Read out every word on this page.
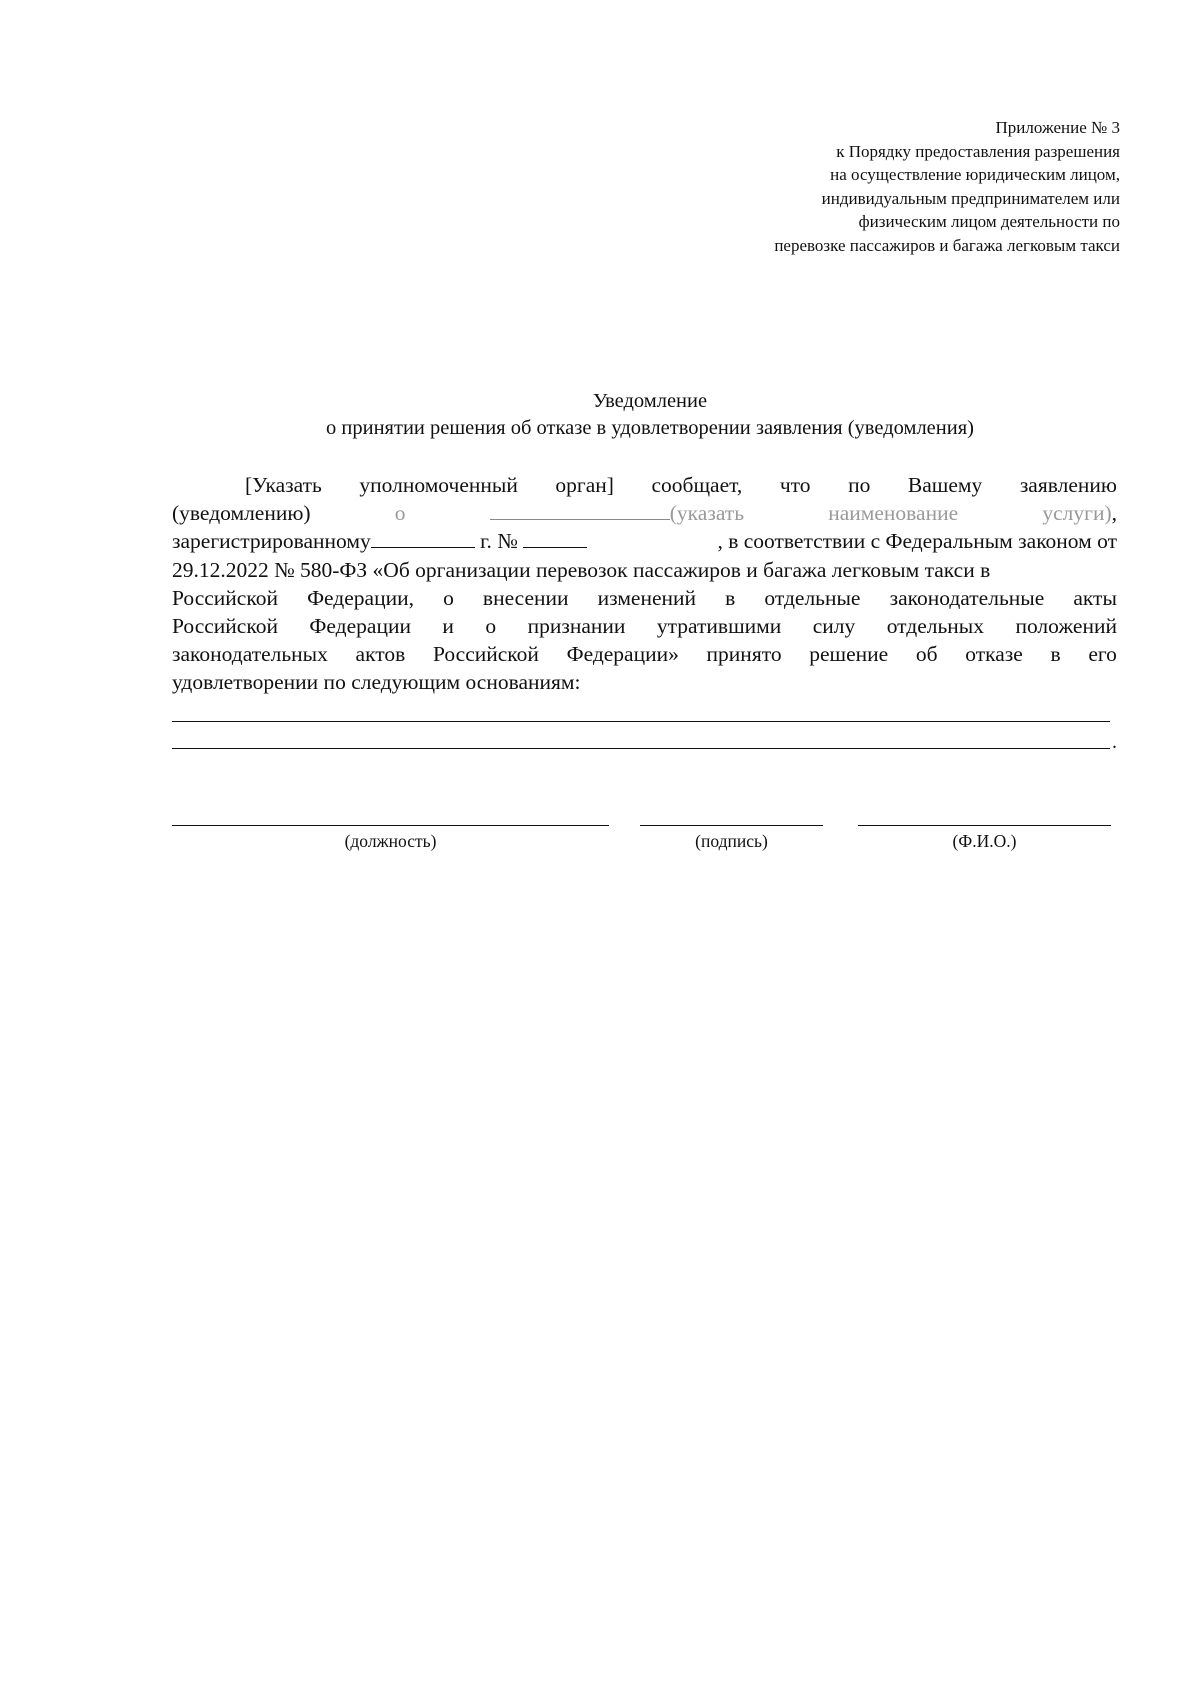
Приложение № 3
к Порядку предоставления разрешения
на осуществление юридическим лицом,
индивидуальным предпринимателем или
физическим лицом деятельности по
перевозке пассажиров и багажа легковым такси
Уведомление
о принятии решения об отказе в удовлетворении заявления (уведомления)
[Указать уполномоченный орган] сообщает, что по Вашему заявлению
(уведомлению)	о	(указать	наименование	услуги),
зарегистрированному	г. №	, в соответствии с Федеральным законом от
29.12.2022 № 580-ФЗ «Об организации перевозок пассажиров и багажа легковым такси в
Российской Федерации, о внесении изменений в отдельные законодательные акты
Российской Федерации и о признании утратившими силу отдельных положений
законодательных актов Российской Федерации» принято решение об отказе в его
удовлетворении по следующим основаниям:
.
(должность)	(подпись)	(Ф.И.О.)
